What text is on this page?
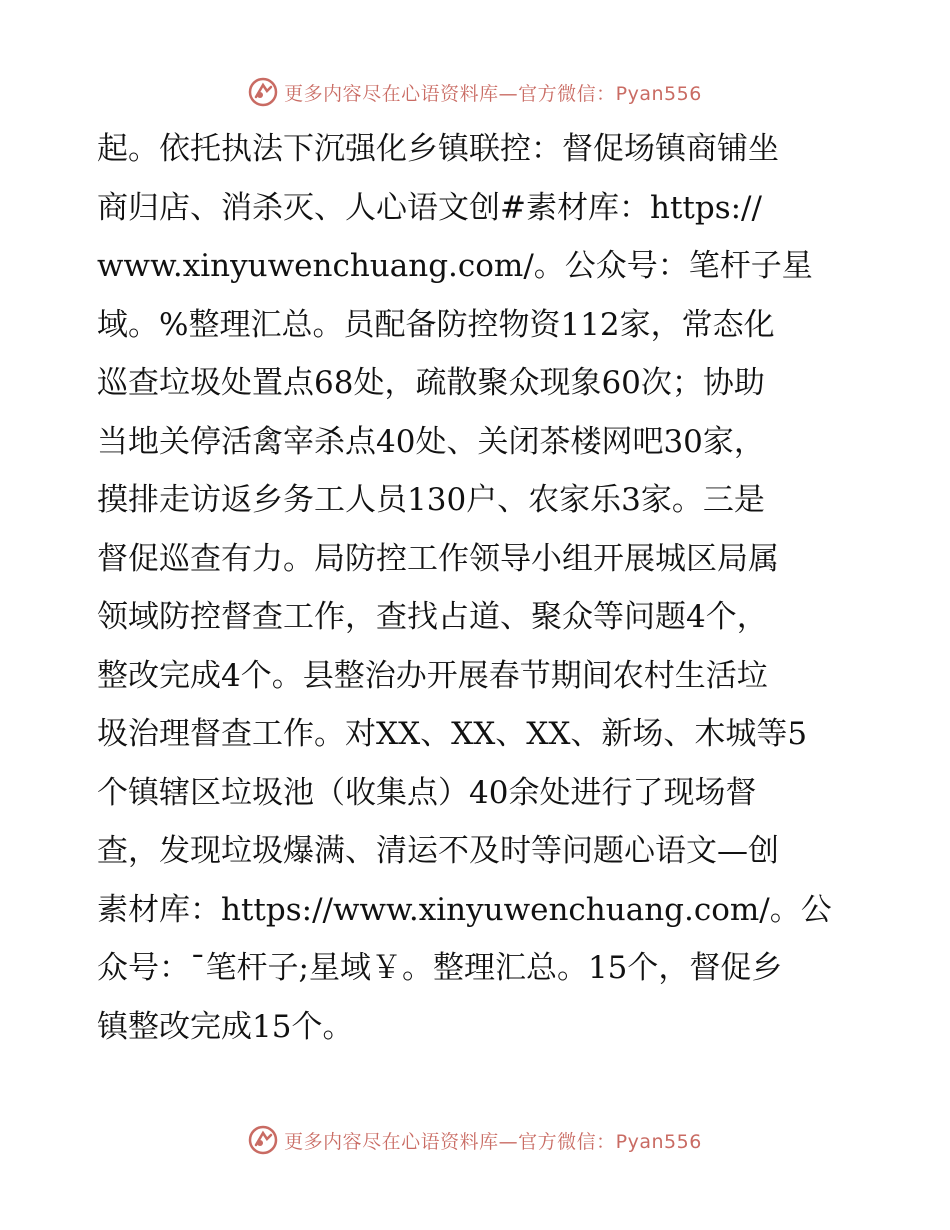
更多内容尽在心语资料库—官方微信：Pyan556
起。依托执法下沉强化乡镇联控：督促场镇商铺坐
商归店、消杀灭、人心语文创#素材库：https://
www.xinyuwenchuang.com/。公众号：笔杆子星
域。%整理汇总。员配备防控物资112家，常态化
巡查垃圾处置点68处，疏散聚众现象60次；协助
当地关停活禽宰杀点40处、关闭茶楼网吧30家，
摸排走访返乡务工人员130户、农家乐3家。三是
督促巡查有力。局防控工作领导小组开展城区局属
领域防控督查工作，查找占道、聚众等问题4个，
整改完成4个。县整治办开展春节期间农村生活垃
圾治理督查工作。对XX、XX、XX、新场、木城等5
个镇辖区垃圾池（收集点）40余处进行了现场督
查，发现垃圾爆满、清运不及时等问题心语文—创
素材库：https://www.xinyuwenchuang.com/。公
众号：¯笔杆子;星域￥。整理汇总。15个，督促乡
镇整改完成15个。
更多内容尽在心语资料库—官方微信：Pyan556
